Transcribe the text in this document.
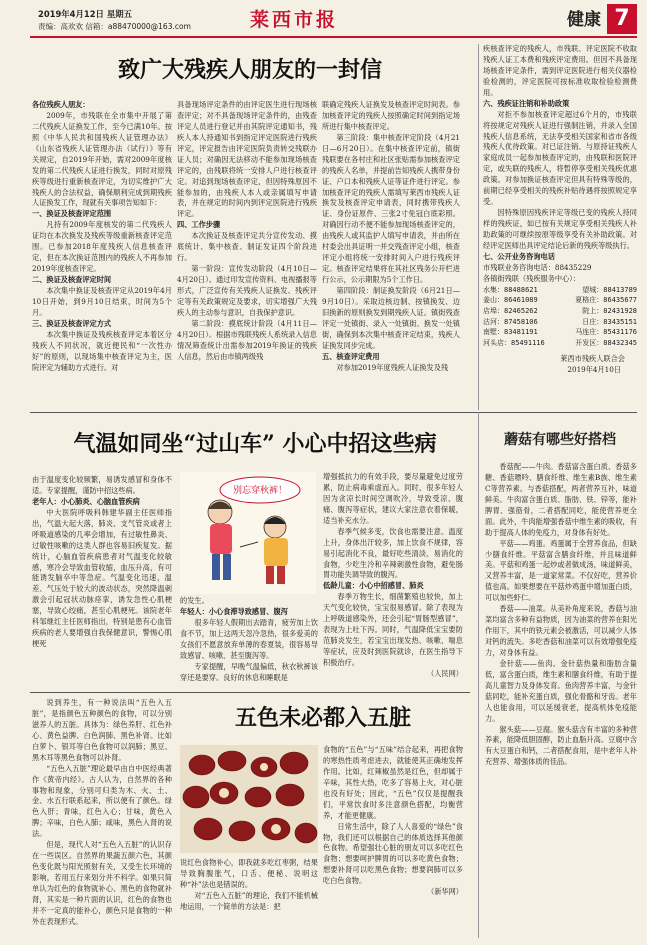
2019年4月12日 星期五
责编：高欢欢 信箱：a88470000@163.com	莱西市报	健康 7
致广大残疾人朋友的一封信
各位残疾人朋友：

2009年，市残联在全市集中开展了第二代残疾人证换发工作，至今已满10年。按照《中华人民共和国残疾人证管理办法》《山东省残疾人证管理办法（试行）》等有关规定，自2019年开始，需对2009年度核发的第二代残疾人证进行换发，同时对原残疾等级进行重新核查评定，为切实维护广大残疾人的合法权益，确保顺利完成到期残疾人证换发工作，现就有关事项告知如下：

一、换证及核查评定范围

凡持有2009年度核发的第二代残疾人证均在本次换发及残疾等级重新核查评定范围。已参加2018年度残疾人信息核查评定，但在本次换证范围内的残疾人不再参加2019年度核查评定。

二、换证及核查评定时间

本次集中换证及核查评定从2019年4月10日开始，到9月10日结束，时间为5个月。

三、换证及核查评定方式

本次集中换证及残疾核查评定本着区分残疾人不同状况，就近便民和“一次性办好”的原则，以现场集中核查评定为主，医院评定为辅助方式进行。对

具备现场评定条件的由评定医生进行现场核查评定；对不具备现场评定条件的，由残查评定人员进行登记并由其院评定通知书，残疾人本人持通知书到指定评定医院进行残疾评定，评定报告由评定医院负责转交残联办证人员；对确因无法移动不能参加现场核查评定的，由残联将统一安排人户进行核查评定。对追到现场核查评定，但因特殊原因不能参加的，由残疾人本人或亲属填写申请表，并在规定的时间内到评定医院进行残疾评定。

四、工作步骤

本次换证及核查评定共分宣传发动、摸底统计、集中核查、制证发证四个阶段进行。

第一阶段：宣传发动阶段（4月10日—4月20日）。通过印发宣传资料、电视播报等形式，广泛宣传有关残疾人证换发、残疾评定等有关政策规定及要求，切实增强广大残疾人的主动参与意识，自我保护意识。

第二阶段：摸底统计阶段（4月11日—4月20日）。根据市残联残疾人系统录入信息情况筛查统计出需参加2019年换证的残疾人信息，然后由市镇两级残

联确定残疾人证换发及核查评定时间表。参加核查评定的残疾人按照确定时间到指定场所进行集中核查评定。

第三阶段：集中核查评定阶段（4月21日—6月20日）。在集中核查评定前，镇街残联要在各村庄和社区张贴需参加核查评定的残疾人名单，并提前告知残疾人携带身份证、户口本和残疾人证等证件进行评定。参加核查评定的残疾人需填写莱西市残疾人证换发及核查评定申请表，同时携带残疾人证、身份证原件、三张2寸免冠白底彩照。对确因行动不便不能参加现场核查评定的，由残疾人或其监护人填写申请表，并由所在村委会出具证明一并交残查评定小组，核查评定小组将统一安排时间入户进行残疾评定。核查评定结果将在其社区残务公开栏进行公示，公示期限为5个工作日。

第四阶段：制证换发阶段（6月21日—9月10日）。采取边核边制、按镇换发、边旧换新的原则换发到期残疾人证。镇街残查评定一处镇街、录入一处镇街、换发一处镇街，确保到本次集中核查评定结束，残疾人证换发同步完成。

五、核查评定费用

对参加2019年度残疾人证换发及残

疾核查评定的残疾人，市残联、评定医院不收取残疾人证工本费和残疾评定费用。但因不具备现场核查评定条件，需到评定医院进行相关仪器检验检测的，评定医院可按标准收取检验检测费用。

六、残疾证注销和补助政策

对拒不参加核查评定超过6个月的，市残联将按规定对残疾人证进行强制注销，并录入全国残疾人信息系统，无法享受相关国家和省市各级残疾人优待政策。对已证注销、与原持证残疾人家庭成员一起参加核查评定的，由残联和医院评定，或失联的残疾人，将暂停享受相关残疾优惠政策。对参加换证核查评定但具有特殊等级的，前期已经享受相关的残疾补贴待遇将按照规定享受。

因特殊原因残疾评定等级已变的残疾人持同样的残疾证，如已按有关规定享受相关残疾人补助政策的可继续按原等级享受有关补助政策。对经评定医师出具评定结论后新的残疾等级执行。

七、公开业务咨询电话

市残联业务咨询电话：88435229

各镇街残联（残疾服务中心）：

水集：88488621	望城：88413789
姜山：86461089	夏格庄：86435677
店埠：82465262	院上：82431928
沽河：87458106	日庄：83435151
南墅：83481191	马连庄：85431176
河头店：85491116	开发区：88432345
莱西市残疾人联合会
2019年4月10日
气温如同坐“过山车” 小心中招这些病

由于温度变化较频繁，易诱发感冒和身体不适。专家提醒，谨防中招这些病。

老年人：小心肺炎、心脑血管疾病

中大医院呼吸科韩建华副主任医师指出，气温大起大落，肺炎、支气管炎或者上呼吸道感染的几率会增加，有过敏性鼻炎、过敏性咳嗽的这类人群也容易旧疾复发。据统计，心脑血管疾病患者对气温变化较敏感，寒冷会导致血管收缩，血压升高，有可能诱发脑卒中等急症。气温变化迅速，温差、气压处于较大的波动状态，突然降温刺激会引起冠状动脉痉挛，诱发急性心肌梗塞，导致心绞痛，甚至心肌梗死。该院老年科邹继红主任医师指出，特别是患有心血管疾病的老人要增强自我保健意识，警惕心肌梗死

别忘穿秋裤！

的发生。

年轻人：小心食滞导致感冒、腹泻

很多年轻人假期出去踏青，疲劳加上饮食不节，加上这两天忽冷忽热，很多爱美的女孩们不愿意放弃单薄的春夏装，很容易导致感冒、咳嗽、甚至腹泻等。

专家提醒，早晚气温偏低，秋衣秋裤该穿还是要穿。良好的休息和睡眠是

增强抵抗力的有效手段，要尽量避免过度劳累，防止病毒乘虚而入。同时，很多年轻人因为贪凉长时间空调吹冷，导致受凉、腹痛、腹泻等症状，建议大家注意衣着保暖，适当补充水分。

春季气候多变，饮食也需要注意。温度上升，身体出汗较多，加上饮食不规律，容易引起消化不良，最好吃些清淡、易消化的食物，少吃生冷和辛辣刺激性食物，避免肠胃功能失调导致的腹泻。

低龄儿童：小心中招感冒、肺炎

春季万物生长，细菌繁殖也较快，加上天气变化较快，宝宝很易感冒。除了表现为上呼吸道感染外，还会引起“胃肠型感冒”，表现为上吐下泻。同时，气温降低宝宝要防范肺炎发生，若宝宝出现发热、咳嗽、喘息等症状，应及时到医院就诊，在医生指导下积极治疗。

（人民网）

说到养生，有一种说法叫“五色入五脏”，是指颜色五种颜色的食物，可以分别滋养人的五脏。具体为：绿色养肝、红色补心、黄色益脾、白色润肺、黑色补肾。比如白萝卜、银耳等白色食物可以润肺；黑豆、黑木耳等黑色食物可以补肾。

“五色入五脏”理论最早由自中医经典著作《黄帝内经》。古人认为，自然界的各种事物和现象，分别可归类为木、火、土、金、水五行联系起来，所以便有了颜色。绿色入肝；青味，红色入心；甘味，黄色入脾；辛味，白色入肺；咸味，黑色入肾的说法。

但是，现代人对“五色入五脏”的认识存在一些误区。自然界的果蔬五颜六色，其颜色变化既与阳光照射有关，又受生长环境的影响，若用五行来划分并不科学。如果只简单认为红色的食物就补心、黑色的食物就补肾，其实是一种片面的认识，红色的食物也并不一定真的能补心，颜色只是食物的一种外在表现形式。

五色未必都入五脏

说红色食物补心，即我就多吃红枣粥，结果导致胸腹胀气，口舌、便秘、说明这种“补”法也是错误的。

对“五色入五脏”的理论，我们不能机械地运用，一个简单的方法是：把

食物的“五色”与“五味”结合起来，再把食物的寒热性质考虑进去，就能使其正确地发挥作用。比如，红辣椒虽然是红色，但却属于辛味，其性大热，吃多了容易上火，对心脏也没有好处；因此，“五色”仅仅是提醒我们，平常饮食时多注意颜色搭配，均衡营养，才能更健康。

日常生活中，除了人人喜爱的“绿色”食物，我们还可以根据自己的体质选择其他颜色食物。希望强壮心脏的朋友可以多吃红色食物；想要呵护脾胃的可以多吃黄色食物；想要补肾可以吃黑色食物；想要润肺可以多吃白色食物。

（新华网）
蘑菇有哪些好搭档

香菇配——牛肉。香菇富含蛋白质、香菇多糖、香菇嘌呤、膳食纤维、维生素B族、维生素C等营养素。与香菇搭配，两者营养互补，味道鲜美。牛肉富含蛋白质、脂肪、铁、锌等，能补脾胃、强筋骨，二者搭配同吃，能使营养更全面。此外，牛肉能增强香菇中维生素的吸收，有助于提高人体的免疫力，对身体有好处。

平菇——鸡蛋。鸡蛋属于全营养食品，但缺少膳食纤维。平菇富含膳食纤维，并且味道鲜美。平菇和鸡蛋一起炒或者做成汤，味道鲜美，又营养丰富，是一道家常菜。不仅好吃，营养价值也高。如果想要在平菇炒鸡蛋中增加蛋白质，可以加些虾仁。

香菇——油菜。从美补角度来说，香菇与油菜均富含多种有益物质，因为油菜的营养在阳光作用下，其中的铁元素会被激活，可以减少人体对钙的流失。多吃香菇和油菜可以有效增强免疫力，对身体有益。

金针菇——鱼肉。金针菇热量和脂肪含量低，富含蛋白质，维生素和膳食纤维，有助于提高儿童智力及身体发育。鱼肉营养丰富，与金针菇同吃，能补充蛋白质，强化骨骼和牙齿。老年人也能食用，可以延缓衰老，提高机体免疫能力。

猴头菇——豆腐。猴头菇含有丰富的多种营养素，能降低胆固醇，防止血脂升高。豆腐中含有大豆蛋白和钙，二者搭配食用，是中老年人补充营养、增强体质的佳品。
